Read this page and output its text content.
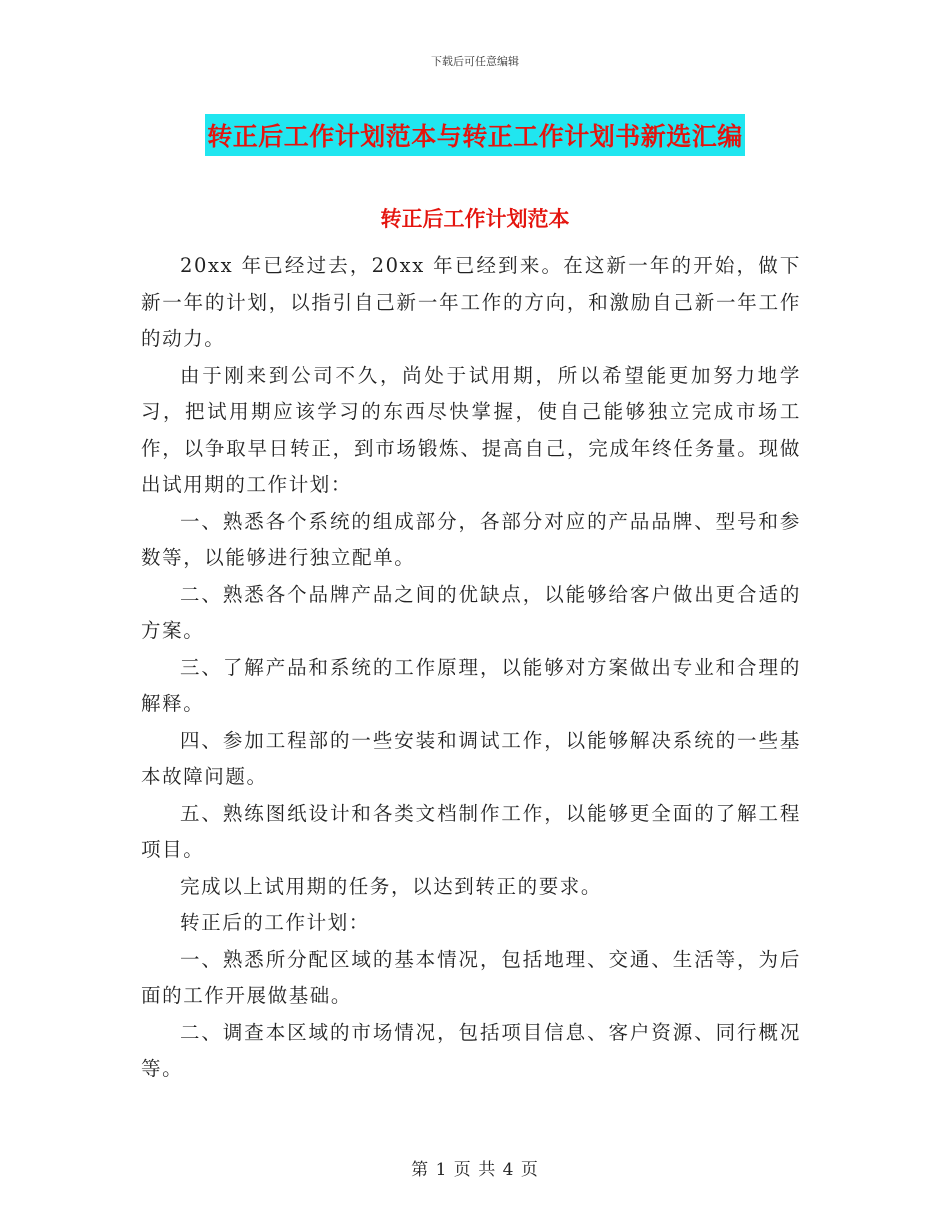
下载后可任意编辑
转正后工作计划范本与转正工作计划书新选汇编
转正后工作计划范本

20xx 年已经过去，20xx 年已经到来。在这新一年的开始，做下新一年的计划，以指引自己新一年工作的方向，和激励自己新一年工作的动力。

由于刚来到公司不久，尚处于试用期，所以希望能更加努力地学习，把试用期应该学习的东西尽快掌握，使自己能够独立完成市场工作，以争取早日转正，到市场锻炼、提高自己，完成年终任务量。现做出试用期的工作计划：

一、熟悉各个系统的组成部分，各部分对应的产品品牌、型号和参数等，以能够进行独立配单。

二、熟悉各个品牌产品之间的优缺点，以能够给客户做出更合适的方案。

三、了解产品和系统的工作原理，以能够对方案做出专业和合理的解释。

四、参加工程部的一些安装和调试工作，以能够解决系统的一些基本故障问题。

五、熟练图纸设计和各类文档制作工作，以能够更全面的了解工程项目。

完成以上试用期的任务，以达到转正的要求。

转正后的工作计划：

一、熟悉所分配区域的基本情况，包括地理、交通、生活等，为后面的工作开展做基础。

二、调查本区域的市场情况，包括项目信息、客户资源、同行概况等。

第 1 页 共 4 页
